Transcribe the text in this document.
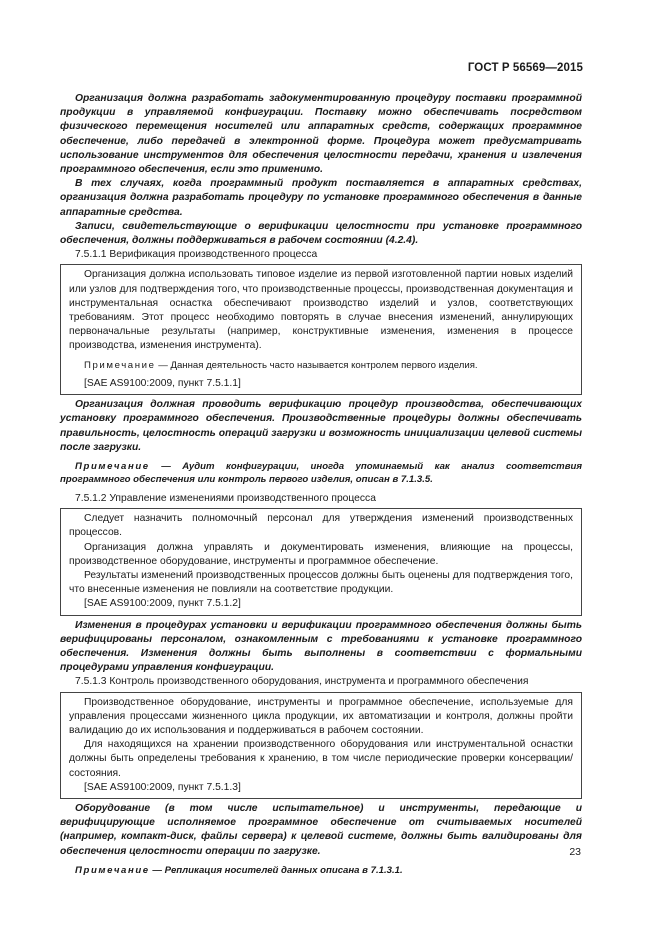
ГОСТ Р 56569—2015

Организация должна разработать задокументированную процедуру поставки программной продукции в управляемой конфигурации. Поставку можно обеспечивать посредством физического перемещения носителей или аппаратных средств, содержащих программное обеспечение, либо передачей в электронной форме. Процедура может предусматривать использование инструментов для обеспечения целостности передачи, хранения и извлечения программного обеспечения, если это применимо.

В тех случаях, когда программный продукт поставляется в аппаратных средствах, организация должна разработать процедуру по установке программного обеспечения в данные аппаратные средства.

Записи, свидетельствующие о верификации целостности при установке программного обеспечения, должны поддерживаться в рабочем состоянии (4.2.4).

7.5.1.1 Верификация производственного процесса

Организация должна использовать типовое изделие из первой изготовленной партии новых изделий или узлов для подтверждения того, что производственные процессы, производственная документация и инструментальная оснастка обеспечивают производство изделий и узлов, соответствующих требованиям. Этот процесс необходимо повторять в случае внесения изменений, аннулирующих первоначальные результаты (например, конструктивные изменения, изменения в процессе производства, изменения инструмента).

Примечание — Данная деятельность часто называется контролем первого изделия.

[SAE AS9100:2009, пункт 7.5.1.1]

Организация должная проводить верификацию процедур производства, обеспечивающих установку программного обеспечения. Производственные процедуры должны обеспечивать правильность, целостность операций загрузки и возможность инициализации целевой системы после загрузки.

Примечание — Аудит конфигурации, иногда упоминаемый как анализ соответствия программного обеспечения или контроль первого изделия, описан в 7.1.3.5.

7.5.1.2 Управление изменениями производственного процесса

Следует назначить полномочный персонал для утверждения изменений производственных процессов.

Организация должна управлять и документировать изменения, влияющие на процессы, производственное оборудование, инструменты и программное обеспечение.

Результаты изменений производственных процессов должны быть оценены для подтверждения того, что внесенные изменения не повлияли на соответствие продукции.

[SAE AS9100:2009, пункт 7.5.1.2]

Изменения в процедурах установки и верификации программного обеспечения должны быть верифицированы персоналом, ознакомленным с требованиями к установке программного обеспечения. Изменения должны быть выполнены в соответствии с формальными процедурами управления конфигурации.

7.5.1.3 Контроль производственного оборудования, инструмента и программного обеспечения

Производственное оборудование, инструменты и программное обеспечение, используемые для управления процессами жизненного цикла продукции, их автоматизации и контроля, должны пройти валидацию до их использования и поддерживаться в рабочем состоянии.

Для находящихся на хранении производственного оборудования или инструментальной оснастки должны быть определены требования к хранению, в том числе периодические проверки консервации/состояния.

[SAE AS9100:2009, пункт 7.5.1.3]

Оборудование (в том числе испытательное) и инструменты, передающие и верифицирующие исполняемое программное обеспечение от считываемых носителей (например, компакт-диск, файлы сервера) к целевой системе, должны быть валидированы для обеспечения целостности операции по загрузке.

Примечание — Репликация носителей данных описана в 7.1.3.1.

23
